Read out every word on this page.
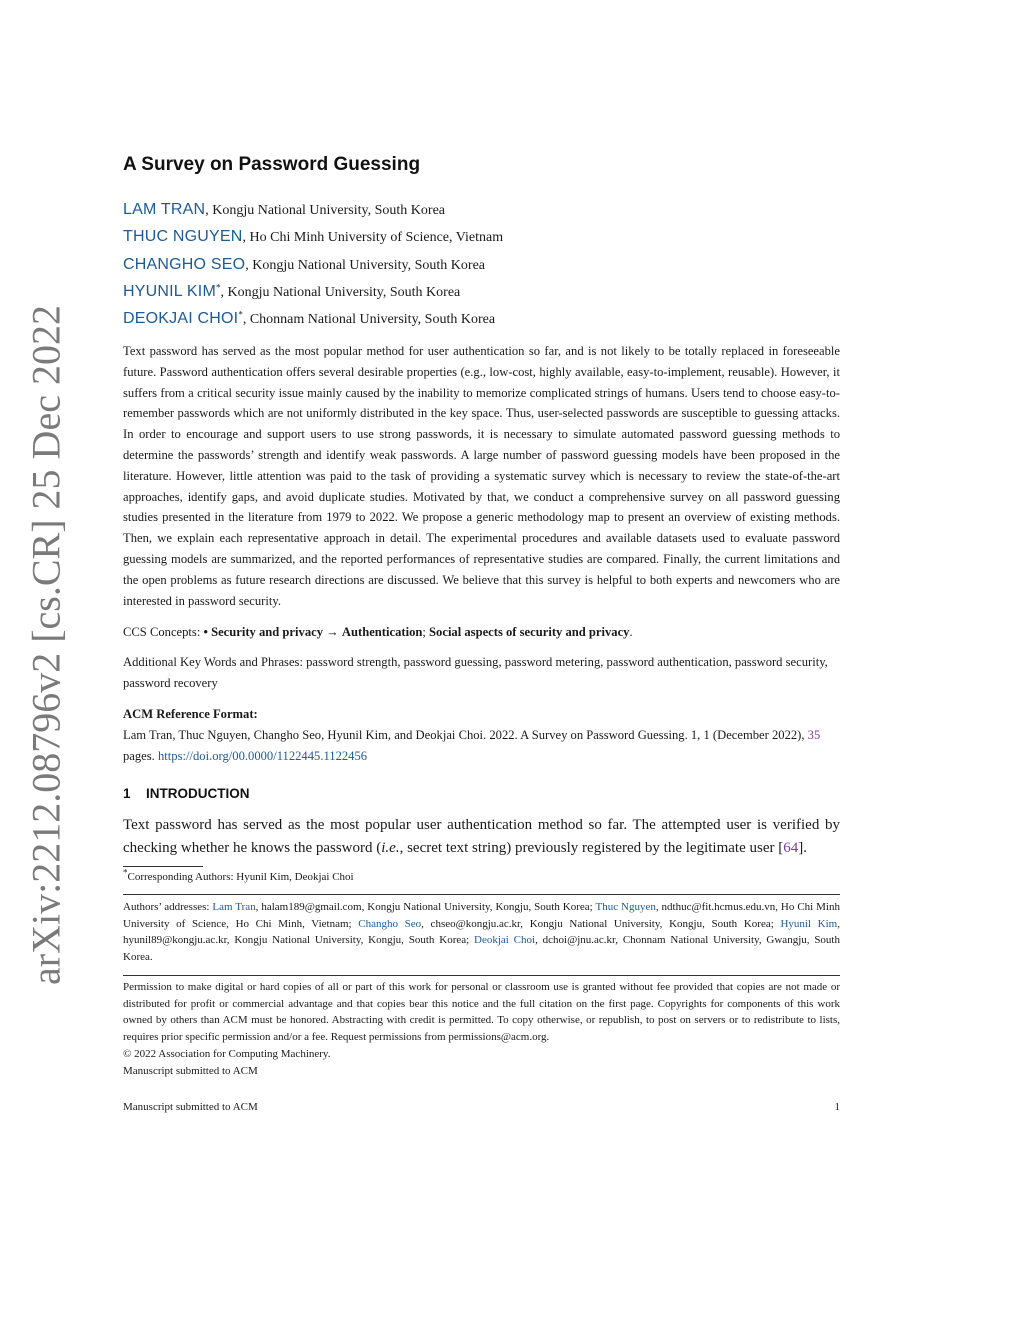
arXiv:2212.08796v2 [cs.CR] 25 Dec 2022
A Survey on Password Guessing
LAM TRAN, Kongju National University, South Korea
THUC NGUYEN, Ho Chi Minh University of Science, Vietnam
CHANGHO SEO, Kongju National University, South Korea
HYUNIL KIM*, Kongju National University, South Korea
DEOKJAI CHOI*, Chonnam National University, South Korea

Text password has served as the most popular method for user authentication so far, and is not likely to be totally replaced in foreseeable future. Password authentication offers several desirable properties (e.g., low-cost, highly available, easy-to-implement, reusable). However, it suffers from a critical security issue mainly caused by the inability to memorize complicated strings of humans. Users tend to choose easy-to-remember passwords which are not uniformly distributed in the key space. Thus, user-selected passwords are susceptible to guessing attacks. In order to encourage and support users to use strong passwords, it is necessary to simulate automated password guessing methods to determine the passwords’ strength and identify weak passwords. A large number of password guessing models have been proposed in the literature. However, little attention was paid to the task of providing a systematic survey which is necessary to review the state-of-the-art approaches, identify gaps, and avoid duplicate studies. Motivated by that, we conduct a comprehensive survey on all password guessing studies presented in the literature from 1979 to 2022. We propose a generic methodology map to present an overview of existing methods. Then, we explain each representative approach in detail. The experimental procedures and available datasets used to evaluate password guessing models are summarized, and the reported performances of representative studies are compared. Finally, the current limitations and the open problems as future research directions are discussed. We believe that this survey is helpful to both experts and newcomers who are interested in password security.

CCS Concepts: • Security and privacy → Authentication; Social aspects of security and privacy.
Additional Key Words and Phrases: password strength, password guessing, password metering, password authentication, password security, password recovery
ACM Reference Format:
Lam Tran, Thuc Nguyen, Changho Seo, Hyunil Kim, and Deokjai Choi. 2022. A Survey on Password Guessing. 1, 1 (December 2022), 35 pages. https://doi.org/00.0000/1122445.1122456
1 INTRODUCTION

Text password has served as the most popular user authentication method so far. The attempted user is verified by checking whether he knows the password (i.e., secret text string) previously registered by the legitimate user [64].

*Corresponding Authors: Hyunil Kim, Deokjai Choi

Authors’ addresses: Lam Tran, halam189@gmail.com, Kongju National University, Kongju, South Korea; Thuc Nguyen, ndthuc@fit.hcmus.edu.vn, Ho Chi Minh University of Science, Ho Chi Minh, Vietnam; Changho Seo, chseo@kongju.ac.kr, Kongju National University, Kongju, South Korea; Hyunil Kim, hyunil89@kongju.ac.kr, Kongju National University, Kongju, South Korea; Deokjai Choi, dchoi@jnu.ac.kr, Chonnam National University, Gwangju, South Korea.

Permission to make digital or hard copies of all or part of this work for personal or classroom use is granted without fee provided that copies are not made or distributed for profit or commercial advantage and that copies bear this notice and the full citation on the first page. Copyrights for components of this work owned by others than ACM must be honored. Abstracting with credit is permitted. To copy otherwise, or republish, to post on servers or to redistribute to lists, requires prior specific permission and/or a fee. Request permissions from permissions@acm.org.

© 2022 Association for Computing Machinery.
Manuscript submitted to ACM
Manuscript submitted to ACM	1
